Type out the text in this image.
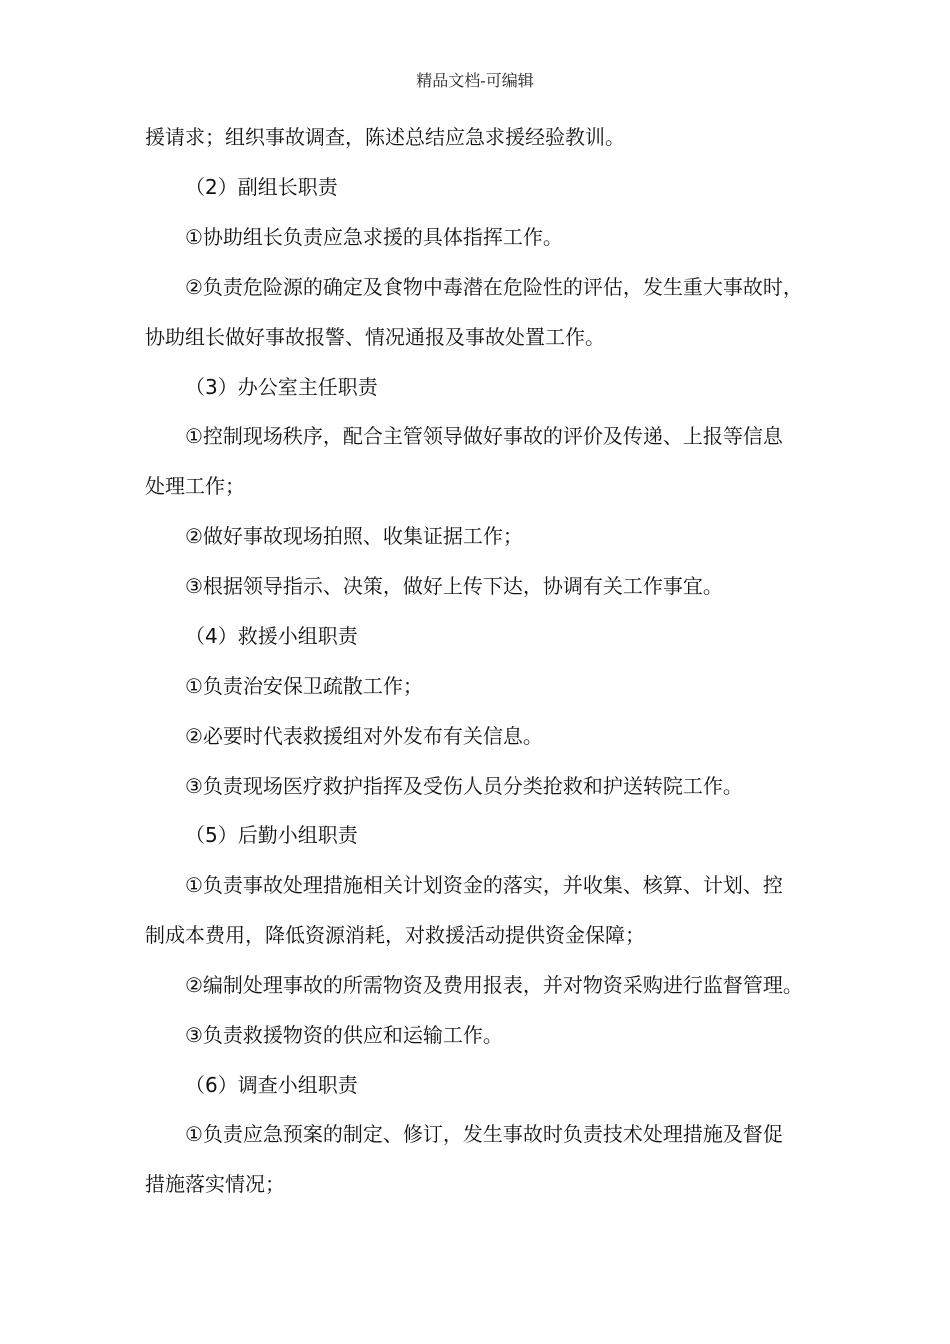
精品文档-可编辑
援请求；组织事故调查，陈述总结应急求援经验教训。
（2）副组长职责
①协助组长负责应急求援的具体指挥工作。
②负责危险源的确定及食物中毒潜在危险性的评估，发生重大事故时，
协助组长做好事故报警、情况通报及事故处置工作。
（3）办公室主任职责
①控制现场秩序，配合主管领导做好事故的评价及传递、上报等信息
处理工作；
②做好事故现场拍照、收集证据工作；
③根据领导指示、决策，做好上传下达，协调有关工作事宜。
（4）救援小组职责
①负责治安保卫疏散工作；
②必要时代表救援组对外发布有关信息。
③负责现场医疗救护指挥及受伤人员分类抢救和护送转院工作。
（5）后勤小组职责
①负责事故处理措施相关计划资金的落实，并收集、核算、计划、控
制成本费用，降低资源消耗，对救援活动提供资金保障；
②编制处理事故的所需物资及费用报表，并对物资采购进行监督管理。
③负责救援物资的供应和运输工作。
（6）调查小组职责
①负责应急预案的制定、修订，发生事故时负责技术处理措施及督促
措施落实情况；
